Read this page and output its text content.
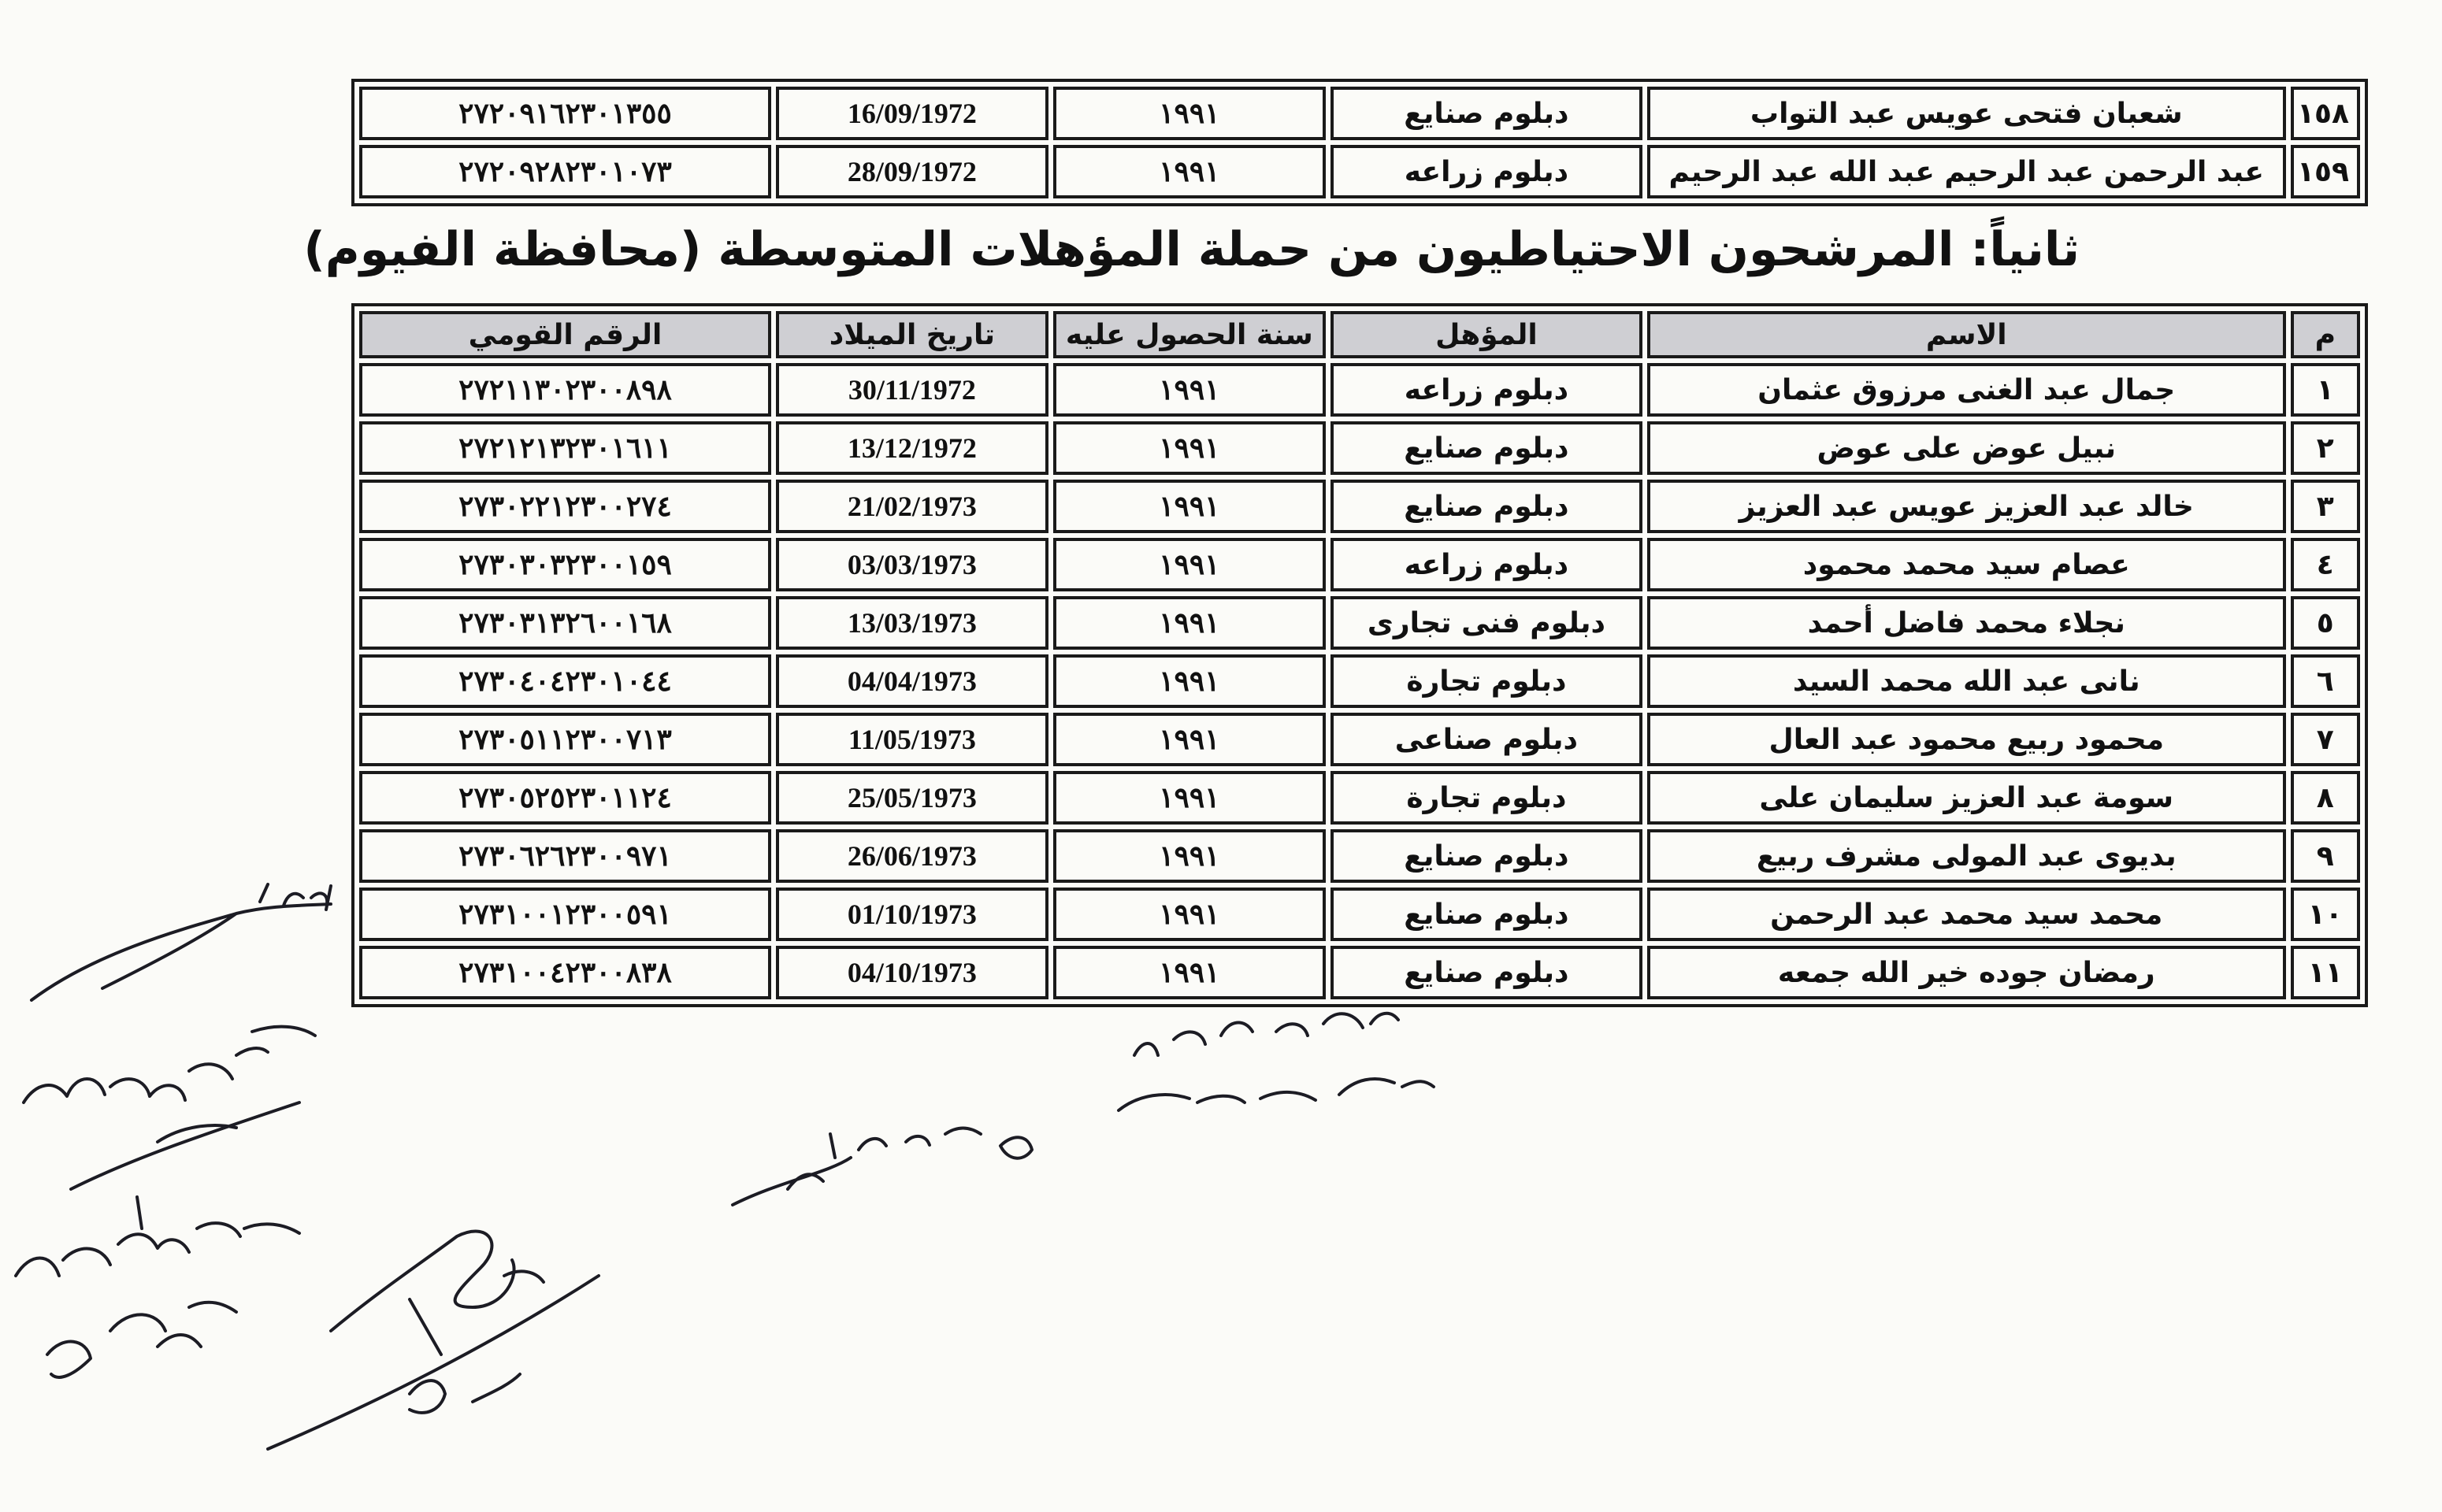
١٥٨	شعبان فتحى عويس عبد التواب	دبلوم صنايع	١٩٩١	16/09/1972	٢٧٢٠٩١٦٢٣٠١٣٥٥
١٥٩	عبد الرحمن عبد الرحيم عبد الله عبد الرحيم	دبلوم زراعه	١٩٩١	28/09/1972	٢٧٢٠٩٢٨٢٣٠١٠٧٣
ثانياً: المرشحون الاحتياطيون من حملة المؤهلات المتوسطة (محافظة الفيوم)
م	الاسم	المؤهل	سنة الحصول عليه	تاريخ الميلاد	الرقم القومي
١	جمال عبد الغنى مرزوق عثمان	دبلوم زراعه	١٩٩١	30/11/1972	٢٧٢١١٣٠٢٣٠٠٨٩٨
٢	نبيل عوض على عوض	دبلوم صنايع	١٩٩١	13/12/1972	٢٧٢١٢١٣٢٣٠١٦١١
٣	خالد عبد العزيز عويس عبد العزيز	دبلوم صنايع	١٩٩١	21/02/1973	٢٧٣٠٢٢١٢٣٠٠٢٧٤
٤	عصام سيد محمد محمود	دبلوم زراعه	١٩٩١	03/03/1973	٢٧٣٠٣٠٣٢٣٠٠١٥٩
٥	نجلاء محمد فاضل أحمد	دبلوم فنى تجارى	١٩٩١	13/03/1973	٢٧٣٠٣١٣٢٦٠٠١٦٨
٦	نانى عبد الله محمد السيد	دبلوم تجارة	١٩٩١	04/04/1973	٢٧٣٠٤٠٤٢٣٠١٠٤٤
٧	محمود ربيع محمود عبد العال	دبلوم صناعى	١٩٩١	11/05/1973	٢٧٣٠٥١١٢٣٠٠٧١٣
٨	سومة عبد العزيز سليمان على	دبلوم تجارة	١٩٩١	25/05/1973	٢٧٣٠٥٢٥٢٣٠١١٢٤
٩	بديوى عبد المولى مشرف ربيع	دبلوم صنايع	١٩٩١	26/06/1973	٢٧٣٠٦٢٦٢٣٠٠٩٧١
١٠	محمد سيد محمد عبد الرحمن	دبلوم صنايع	١٩٩١	01/10/1973	٢٧٣١٠٠١٢٣٠٠٥٩١
١١	رمضان جوده خير الله جمعه	دبلوم صنايع	١٩٩١	04/10/1973	٢٧٣١٠٠٤٢٣٠٠٨٣٨
